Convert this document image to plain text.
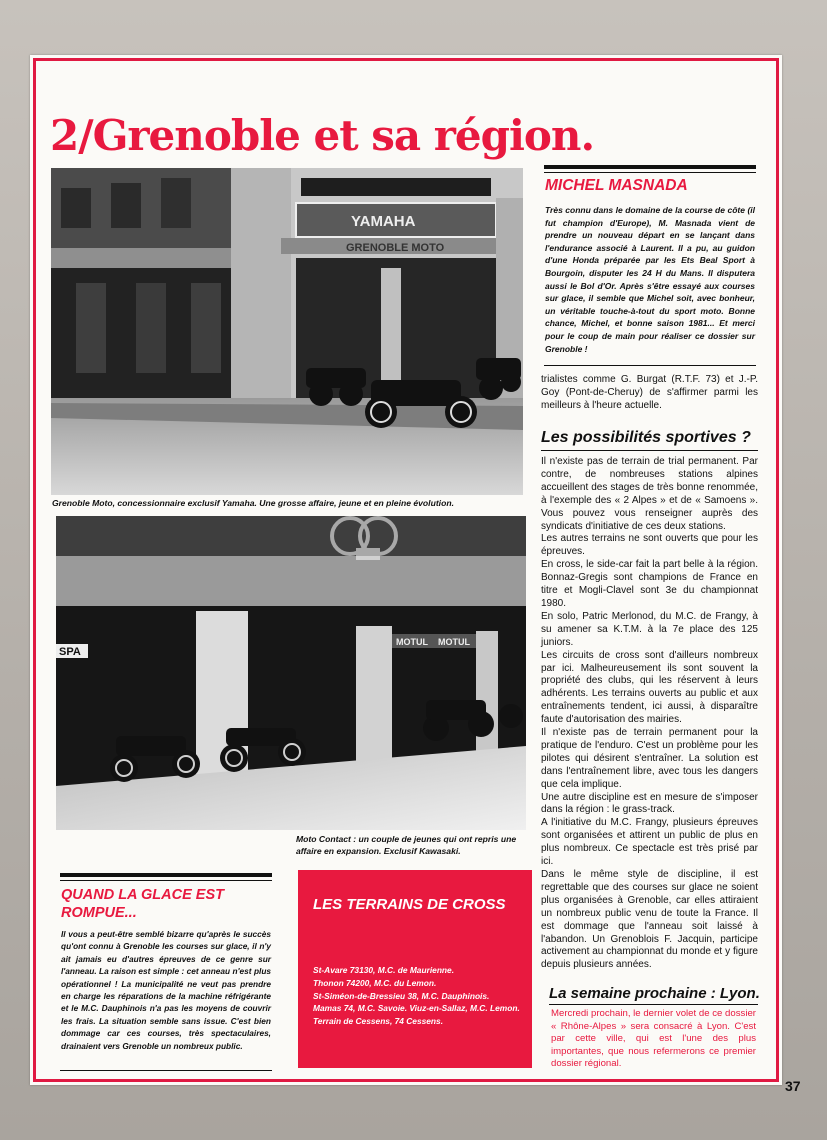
2/Grenoble et sa région.
YAMAHA
GRENOBLE MOTO
Grenoble Moto, concessionnaire exclusif Yamaha. Une grosse affaire, jeune et en pleine évolution.
SPA
MOTUL MOTUL
Moto Contact : un couple de jeunes qui ont repris une affaire en expansion. Exclusif Kawasaki.
MICHEL MASNADA
Très connu dans le domaine de la course de côte (il fut champion d'Europe), M. Masnada vient de prendre un nouveau départ en se lançant dans l'endurance associé à Laurent. Il a pu, au guidon d'une Honda préparée par les Ets Beal Sport à Bourgoin, disputer les 24 H du Mans. Il disputera aussi le Bol d'Or. Après s'être essayé aux courses sur glace, il semble que Michel soit, avec bonheur, un véritable touche-à-tout du sport moto. Bonne chance, Michel, et bonne saison 1981... Et merci pour le coup de main pour réaliser ce dossier sur Grenoble !
trialistes comme G. Burgat (R.T.F. 73) et J.-P. Goy (Pont-de-Cheruy) de s'affirmer parmi les meilleurs à l'heure actuelle.
Les possibilités sportives ?

Il n'existe pas de terrain de trial permanent. Par contre, de nombreuses stations alpines accueillent des stages de très bonne renommée, à l'exemple des « 2 Alpes » et de « Samoens ». Vous pouvez vous renseigner auprès des syndicats d'initiative de ces deux stations.

Les autres terrains ne sont ouverts que pour les épreuves.

En cross, le side-car fait la part belle à la région. Bonnaz-Gregis sont champions de France en titre et Mogli-Clavel sont 3e du championnat 1980.

En solo, Patric Merlonod, du M.C. de Frangy, à su amener sa K.T.M. à la 7e place des 125 juniors.

Les circuits de cross sont d'ailleurs nombreux par ici. Malheureusement ils sont souvent la propriété des clubs, qui les réservent à leurs adhérents. Les terrains ouverts au public et aux entraînements tendent, ici aussi, à disparaître faute d'autorisation des mairies.

Il n'existe pas de terrain permanent pour la pratique de l'enduro. C'est un problème pour les pilotes qui désirent s'entraîner. La solution est dans l'entraînement libre, avec tous les dangers que cela implique.

Une autre discipline est en mesure de s'imposer dans la région : le grass-track.

A l'initiative du M.C. Frangy, plusieurs épreuves sont organisées et attirent un public de plus en plus nombreux. Ce spectacle est très prisé par ici.

Dans le même style de discipline, il est regrettable que des courses sur glace ne soient plus organisées à Grenoble, car elles attiraient un nombreux public venu de toute la France. Il est dommage que l'anneau soit laissé à l'abandon. Un Grenoblois F. Jacquin, participe activement au championnat du monde et y figure depuis plusieurs années.

La semaine prochaine : Lyon.
Mercredi prochain, le dernier volet de ce dossier « Rhône-Alpes » sera consacré à Lyon. C'est par cette ville, qui est l'une des plus importantes, que nous refermerons ce premier dossier régional.
QUAND LA GLACE EST
ROMPUE...
Il vous a peut-être semblé bizarre qu'après le succès qu'ont connu à Grenoble les courses sur glace, il n'y ait jamais eu d'autres épreuves de ce genre sur l'anneau. La raison est simple : cet anneau n'est plus opérationnel ! La municipalité ne veut pas prendre en charge les réparations de la machine réfrigérante et le M.C. Dauphinois n'a pas les moyens de couvrir les frais. La situation semble sans issue. C'est bien dommage car ces courses, très spectaculaires, drainaient vers Grenoble un nombreux public.
LES TERRAINS DE CROSS
St-Avare 73130, M.C. de Maurienne.
Thonon 74200, M.C. du Lemon.
St-Siméon-de-Bressieu 38, M.C. Dauphinois.
Mamas 74, M.C. Savoie. Viuz-en-Sallaz, M.C. Lemon.
Terrain de Cessens, 74 Cessens.
37
